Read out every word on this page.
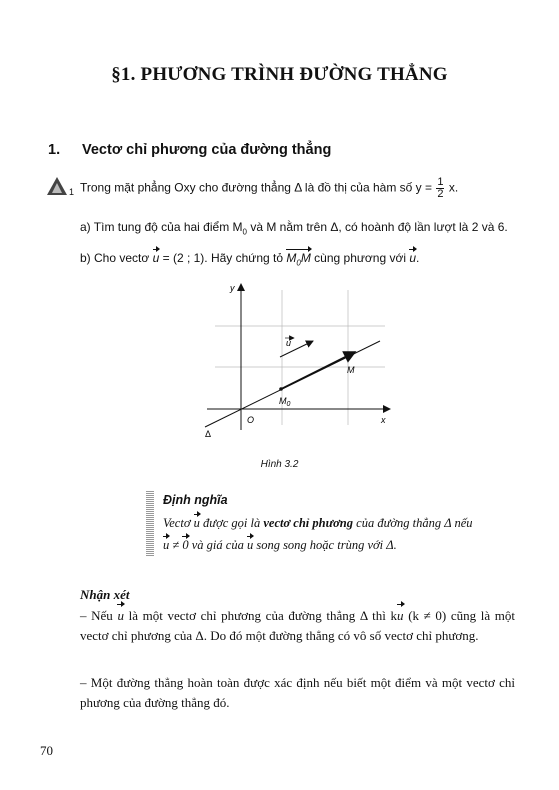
§1. PHƯƠNG TRÌNH ĐƯỜNG THẲNG
1. Vectơ chỉ phương của đường thẳng
1 Trong mặt phẳng Oxy cho đường thẳng Δ là đồ thị của hàm số $y = \frac{1}{2} x$.
a) Tìm tung độ của hai điểm $M_0$ và M nằm trên Δ, có hoành độ lần lượt là 2 và 6.
b) Cho vectơ u = (2 ; 1). Hãy chứng tỏ $M_0M$ cùng phương với u.
y
x
O
Δ
u
M
$M_0$
Hình 3.2
Định nghĩa
Vectơ u được gọi là vectơ chỉ phương của đường thẳng Δ nếu
u ≠ 0 và giá của u song song hoặc trùng với Δ.
Nhận xét
– Nếu u là một vectơ chỉ phương của đường thẳng Δ thì ku (k ≠ 0) cũng là một vectơ chỉ phương của Δ. Do đó một đường thẳng có vô số vectơ chỉ phương.
– Một đường thẳng hoàn toàn được xác định nếu biết một điểm và một vectơ chỉ phương của đường thẳng đó.
70
